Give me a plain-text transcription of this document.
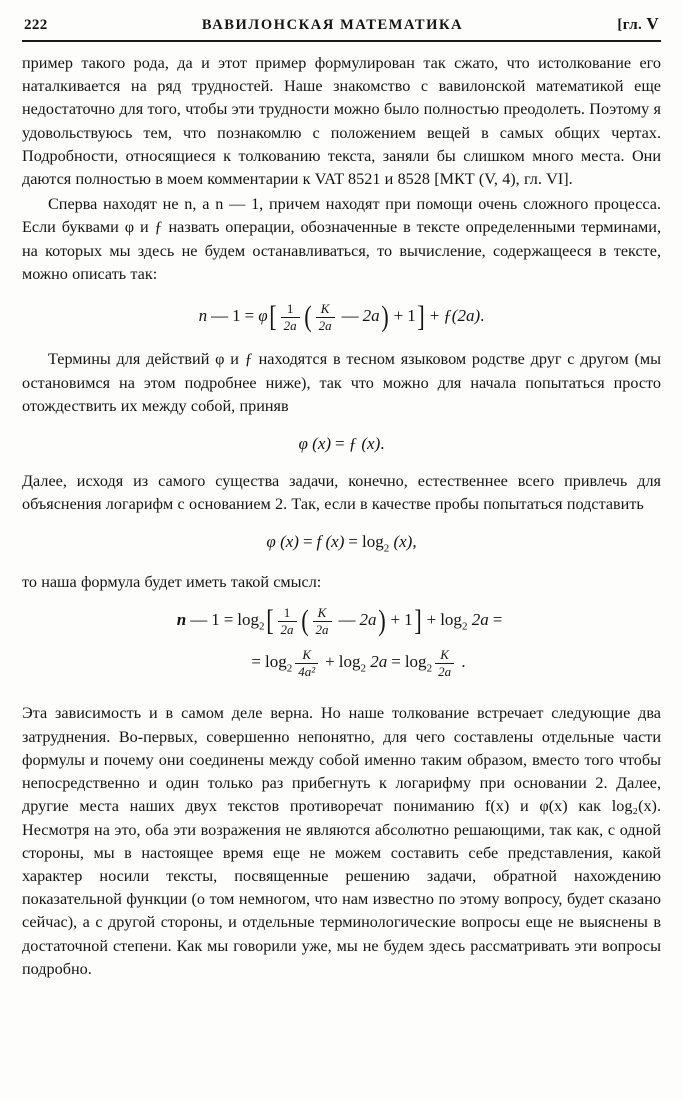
222	ВАВИЛОНСКАЯ МАТЕМАТИКА	[гл. V

пример такого рода, да и этот пример формулирован так сжато, что истолкование его наталкивается на ряд трудностей. Наше знакомство с вавилонской математикой еще недостаточно для того, чтобы эти трудности можно было полностью преодолеть. Поэтому я удовольствуюсь тем, что познакомлю с положением вещей в самых общих чертах. Подробности, относящиеся к толкованию текста, заняли бы слишком много места. Они даются полностью в моем комментарии к VAT 8521 и 8528 [МКТ (V, 4), гл. VI].

Сперва находят не n, а n — 1, причем находят при помощи очень сложного процесса. Если буквами φ и ƒ назвать операции, обозначенные в тексте определенными терминами, на которых мы здесь не будем останавливаться, то вычисление, содержащееся в тексте, можно описать так:

n — $1 = \varphi[ \frac{1}{2a}$ ( $\frac{K}{2a}$ — 2a) + 1] + ƒ(2a).

Термины для действий φ и ƒ находятся в тесном языковом родстве друг с другом (мы остановимся на этом подробнее ниже), так что можно для начала попытаться просто отождествить их между собой, приняв

φ (x) = ƒ (x).

Далее, исходя из самого существа задачи, конечно, естественнее всего привлечь для объяснения логарифм с основанием 2. Так, если в качестве пробы попытаться подставить

φ (x) = f $(x) = \log_2 (x)$,

то наша формула будет иметь такой смысл:

n — $1 = \log_2[ \frac{1}{2a}$ ( $\frac{K}{2a}$ — $2a) + 1] + \log_2 2a$ =
= $\log_2 \frac{K}{\text{4a²}} + \log_2 2a = \log_2 \frac{K}{2a}$ .

Эта зависимость и в самом деле верна. Но наше толкование встречает следующие два затруднения. Во-первых, совершенно непонятно, для чего составлены отдельные части формулы и почему они соединены между собой именно таким образом, вместо того чтобы непосредственно и один только раз прибегнуть к логарифму при основании 2. Далее, другие места наших двух текстов противоречат пониманию f(x) и φ(x) как log₂(x). Несмотря на это, оба эти возражения не являются абсолютно решающими, так как, с одной стороны, мы в настоящее время еще не можем составить себе представления, какой характер носили тексты, посвященные решению задачи, обратной нахождению показательной функции (о том немногом, что нам известно по этому вопросу, будет сказано сейчас), а с другой стороны, и отдельные терминологические вопросы еще не выяснены в достаточной степени. Как мы говорили уже, мы не будем здесь рассматривать эти вопросы подробно.
